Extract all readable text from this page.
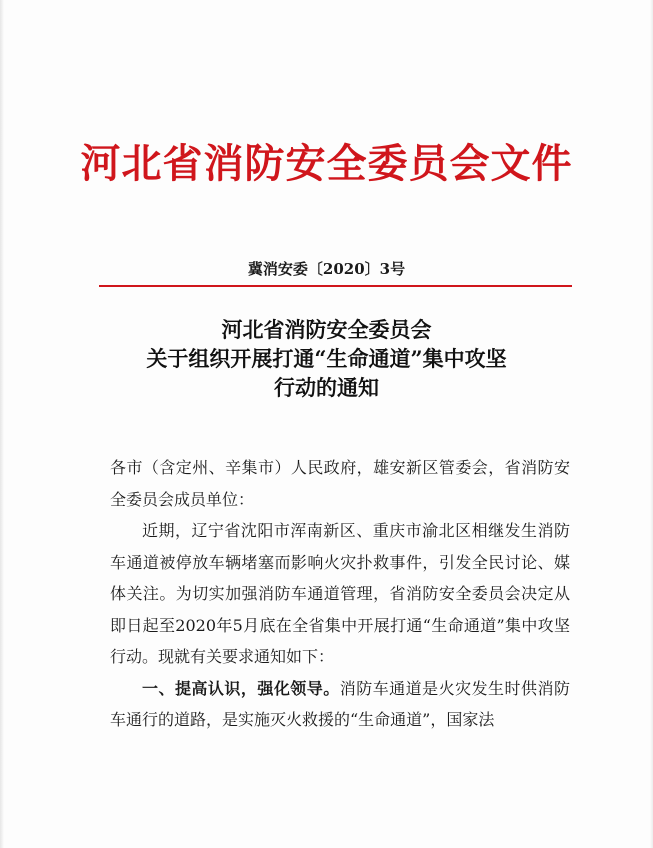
河北省消防安全委员会文件
冀消安委〔2020〕3号
河北省消防安全委员会
关于组织开展打通“生命通道”集中攻坚
行动的通知

各市（含定州、辛集市）人民政府，雄安新区管委会，省消防安全委员会成员单位：

近期，辽宁省沈阳市浑南新区、重庆市渝北区相继发生消防车通道被停放车辆堵塞而影响火灾扑救事件，引发全民讨论、媒体关注。为切实加强消防车通道管理，省消防安全委员会决定从即日起至2020年5月底在全省集中开展打通“生命通道”集中攻坚行动。现就有关要求通知如下：

一、提高认识，强化领导。消防车通道是火灾发生时供消防车通行的道路，是实施灭火救援的“生命通道”，国家法
